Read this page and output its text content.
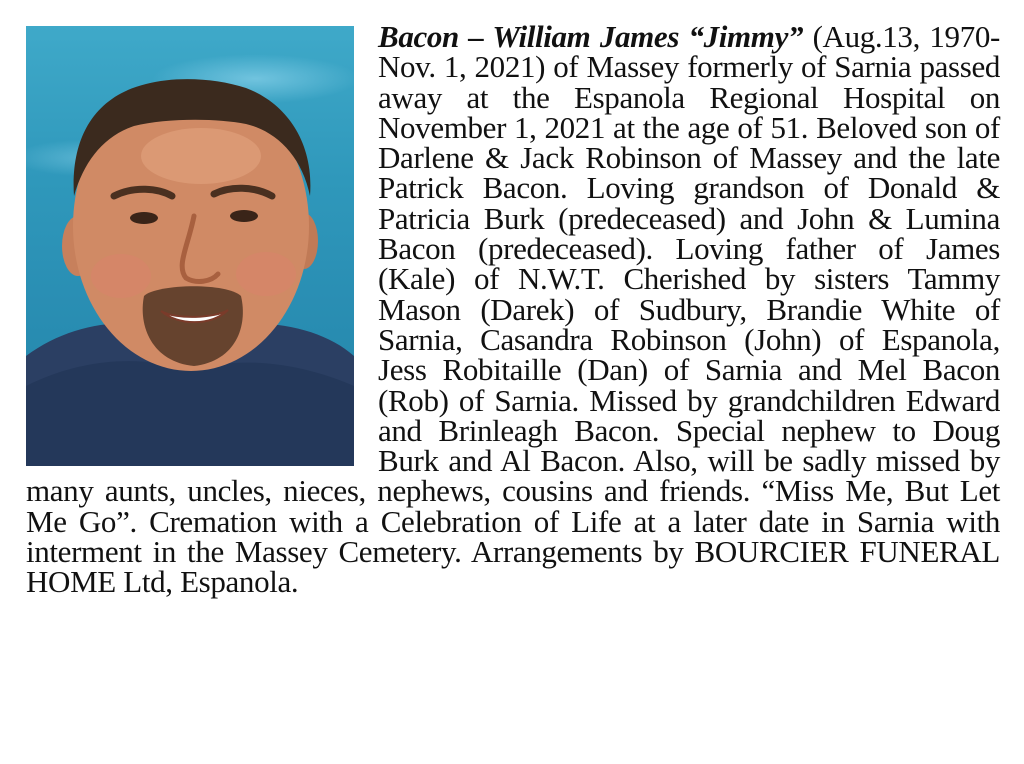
Bacon – William James “Jimmy” (Aug.13, 1970-Nov. 1, 2021) of Massey formerly of Sarnia passed away at the Espanola Regional Hospital on November 1, 2021 at the age of 51. Beloved son of Darlene & Jack Robinson of Massey and the late Patrick Bacon. Loving grandson of Donald & Patricia Burk (predeceased) and John & Lumina Bacon (predeceased). Loving father of James (Kale) of N.W.T. Cherished by sisters Tammy Mason (Darek) of Sudbury, Brandie White of Sarnia, Casandra Robinson (John) of Espanola, Jess Robitaille (Dan) of Sarnia and Mel Bacon (Rob) of Sarnia. Missed by grandchildren Edward and Brinleagh Bacon. Special nephew to Doug Burk and Al Bacon. Also, will be sadly missed by many aunts, uncles, nieces, nephews, cousins and friends. “Miss Me, But Let Me Go”. Cremation with a Celebration of Life at a later date in Sarnia with interment in the Massey Cemetery. Arrangements by BOURCIER FUNERAL HOME Ltd, Espanola.
